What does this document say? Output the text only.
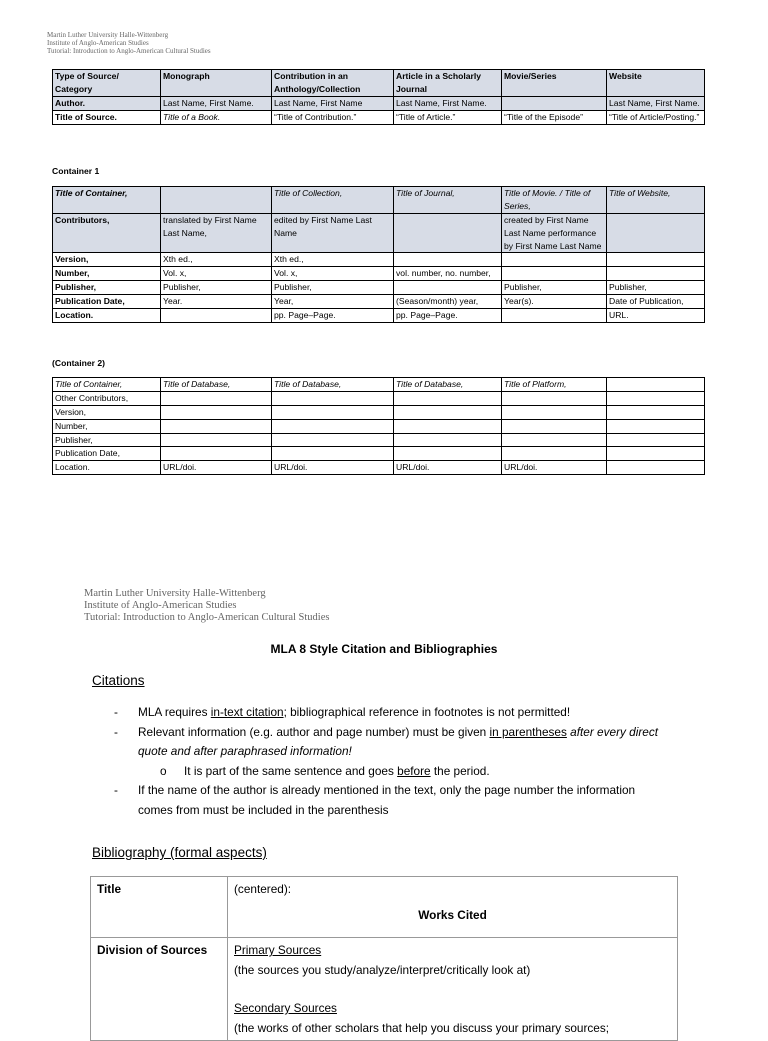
Martin Luther University Halle-Wittenberg
Institute of Anglo-American Studies
Tutorial: Introduction to Anglo-American Cultural Studies
Type of Source/ Category	Monograph	Contribution in an Anthology/Collection	Article in a Scholarly Journal	Movie/Series	Website
Author.	Last Name, First Name.	Last Name, First Name	Last Name, First Name.		Last Name, First Name.
Title of Source.	Title of a Book.	“Title of Contribution.”	“Title of Article.”	“Title of the Episode”	“Title of Article/Posting.”
Container 1
Title of Container,		Title of Collection,	Title of Journal,	Title of Movie. / Title of Series,	Title of Website,
Contributors,	translated by First Name Last Name,	edited by First Name Last Name		created by First Name Last Name performance by First Name Last Name	
Version,	Xth ed.,	Xth ed.,			
Number,	Vol. x,	Vol. x,	vol. number, no. number,		
Publisher,	Publisher,	Publisher,		Publisher,	Publisher,
Publication Date,	Year.	Year,	(Season/month) year,	Year(s).	Date of Publication,
Location.		pp. Page–Page.	pp. Page–Page.		URL.
(Container 2)
Title of Container,	Title of Database,	Title of Database,	Title of Database,	Title of Platform,	
Other Contributors,					
Version,					
Number,					
Publisher,					
Publication Date,					
Location.	URL/doi.	URL/doi.	URL/doi.	URL/doi.	
Martin Luther University Halle-Wittenberg
Institute of Anglo-American Studies
Tutorial: Introduction to Anglo-American Cultural Studies
MLA 8 Style Citation and Bibliographies
Citations
- MLA requires in-text citation; bibliographical reference in footnotes is not permitted!
- Relevant information (e.g. author and page number) must be given in parentheses after every direct quote and after paraphrased information!
o It is part of the same sentence and goes before the period.
- If the name of the author is already mentioned in the text, only the page number the information comes from must be included in the parenthesis
Bibliography (formal aspects)
Title	(centered):
Works Cited

Division of Sources	Primary Sources
(the sources you study/analyze/interpret/critically look at)
Secondary Sources
(the works of other scholars that help you discuss your primary sources;
